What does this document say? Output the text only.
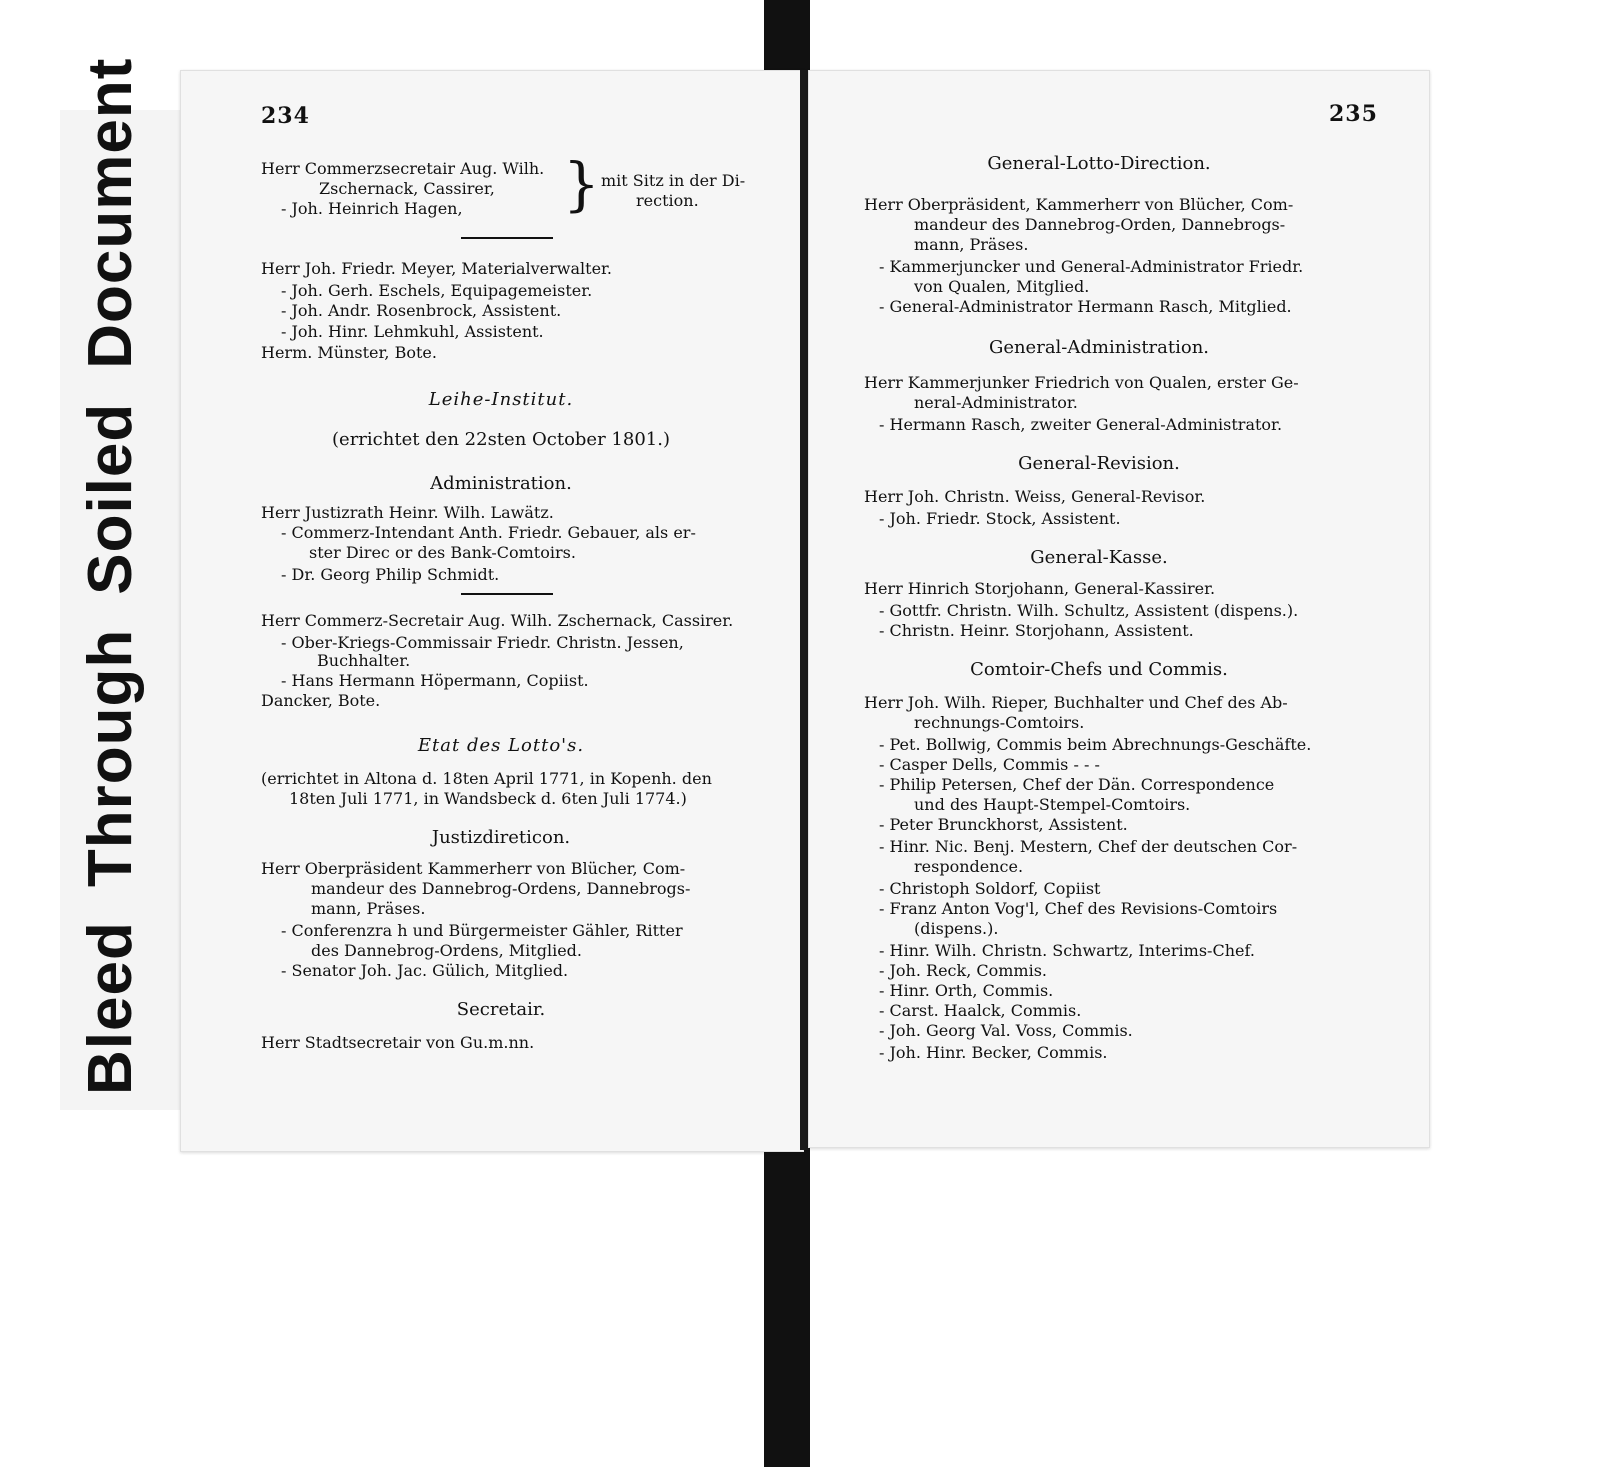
BleedThroughSoiledDocument	234
Herr Commerzsecretair Aug. Wilh.
Zschernack, Cassirer,
- Joh. Heinrich Hagen, } mit Sitz in der Di-
rection.
Herr Joh. Friedr. Meyer, Materialverwalter.
- Joh. Gerh. Eschels, Equipagemeister.
- Joh. Andr. Rosenbrock, Assistent.
- Joh. Hinr. Lehmkuhl, Assistent.
Herm. Münster, Bote.
Leihe-Institut.
(errichtet den 22sten October 1801.)
Administration.
Herr Justizrath Heinr. Wilh. Lawätz.
- Commerz-Intendant Anth. Friedr. Gebauer, als er-
ster Direc or des Bank-Comtoirs.
- Dr. Georg Philip Schmidt.
Herr Commerz-Secretair Aug. Wilh. Zschernack, Cassirer.
- Ober-Kriegs-Commissair Friedr. Christn. Jessen,
Buchhalter.
- Hans Hermann Höpermann, Copiist.
Dancker, Bote.
Etat des Lotto's.
(errichtet in Altona d. 18ten April 1771, in Kopenh. den
18ten Juli 1771, in Wandsbeck d. 6ten Juli 1774.)
Justizdireticon.
Herr Oberpräsident Kammerherr von Blücher, Com-
mandeur des Dannebrog-Ordens, Dannebrogs-
mann, Präses.
- Conferenzra h und Bürgermeister Gähler, Ritter
des Dannebrog-Ordens, Mitglied.
- Senator Joh. Jac. Gülich, Mitglied.
Secretair.
Herr Stadtsecretair von Gu.m.nn.
235
General-Lotto-Direction.
Herr Oberpräsident, Kammerherr von Blücher, Com-
mandeur des Dannebrog-Orden, Dannebrogs-
mann, Präses.
- Kammerjuncker und General-Administrator Friedr.
von Qualen, Mitglied.
- General-Administrator Hermann Rasch, Mitglied.
General-Administration.
Herr Kammerjunker Friedrich von Qualen, erster Ge-
neral-Administrator.
- Hermann Rasch, zweiter General-Administrator.
General-Revision.
Herr Joh. Christn. Weiss, General-Revisor.
- Joh. Friedr. Stock, Assistent.
General-Kasse.
Herr Hinrich Storjohann, General-Kassirer.
- Gottfr. Christn. Wilh. Schultz, Assistent (dispens.).
- Christn. Heinr. Storjohann, Assistent.
Comtoir-Chefs und Commis.
Herr Joh. Wilh. Rieper, Buchhalter und Chef des Ab-
rechnungs-Comtoirs.
- Pet. Bollwig, Commis beim Abrechnungs-Geschäfte.
- Casper Dells, Commis - - -
- Philip Petersen, Chef der Dän. Correspondence
und des Haupt-Stempel-Comtoirs.
- Peter Brunckhorst, Assistent.
- Hinr. Nic. Benj. Mestern, Chef der deutschen Cor-
respondence.
- Christoph Soldorf, Copiist
- Franz Anton Vog'l, Chef des Revisions-Comtoirs
(dispens.).
- Hinr. Wilh. Christn. Schwartz, Interims-Chef.
- Joh. Reck, Commis.
- Hinr. Orth, Commis.
- Carst. Haalck, Commis.
- Joh. Georg Val. Voss, Commis.
- Joh. Hinr. Becker, Commis.
